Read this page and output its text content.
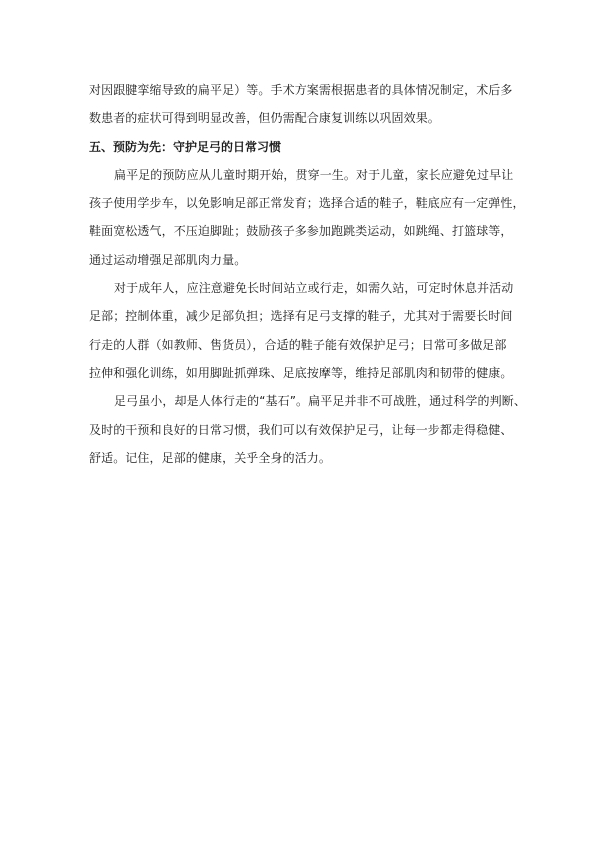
对因跟腱挛缩导致的扁平足）等。手术方案需根据患者的具体情况制定，术后多
数患者的症状可得到明显改善，但仍需配合康复训练以巩固效果。
五、预防为先：守护足弓的日常习惯
扁平足的预防应从儿童时期开始，贯穿一生。对于儿童，家长应避免过早让
孩子使用学步车，以免影响足部正常发育；选择合适的鞋子，鞋底应有一定弹性，
鞋面宽松透气，不压迫脚趾；鼓励孩子多参加跑跳类运动，如跳绳、打篮球等，
通过运动增强足部肌肉力量。
对于成年人，应注意避免长时间站立或行走，如需久站，可定时休息并活动
足部；控制体重，减少足部负担；选择有足弓支撑的鞋子，尤其对于需要长时间
行走的人群（如教师、售货员），合适的鞋子能有效保护足弓；日常可多做足部
拉伸和强化训练，如用脚趾抓弹珠、足底按摩等，维持足部肌肉和韧带的健康。
足弓虽小，却是人体行走的“基石”。扁平足并非不可战胜，通过科学的判断、
及时的干预和良好的日常习惯，我们可以有效保护足弓，让每一步都走得稳健、
舒适。记住，足部的健康，关乎全身的活力。
